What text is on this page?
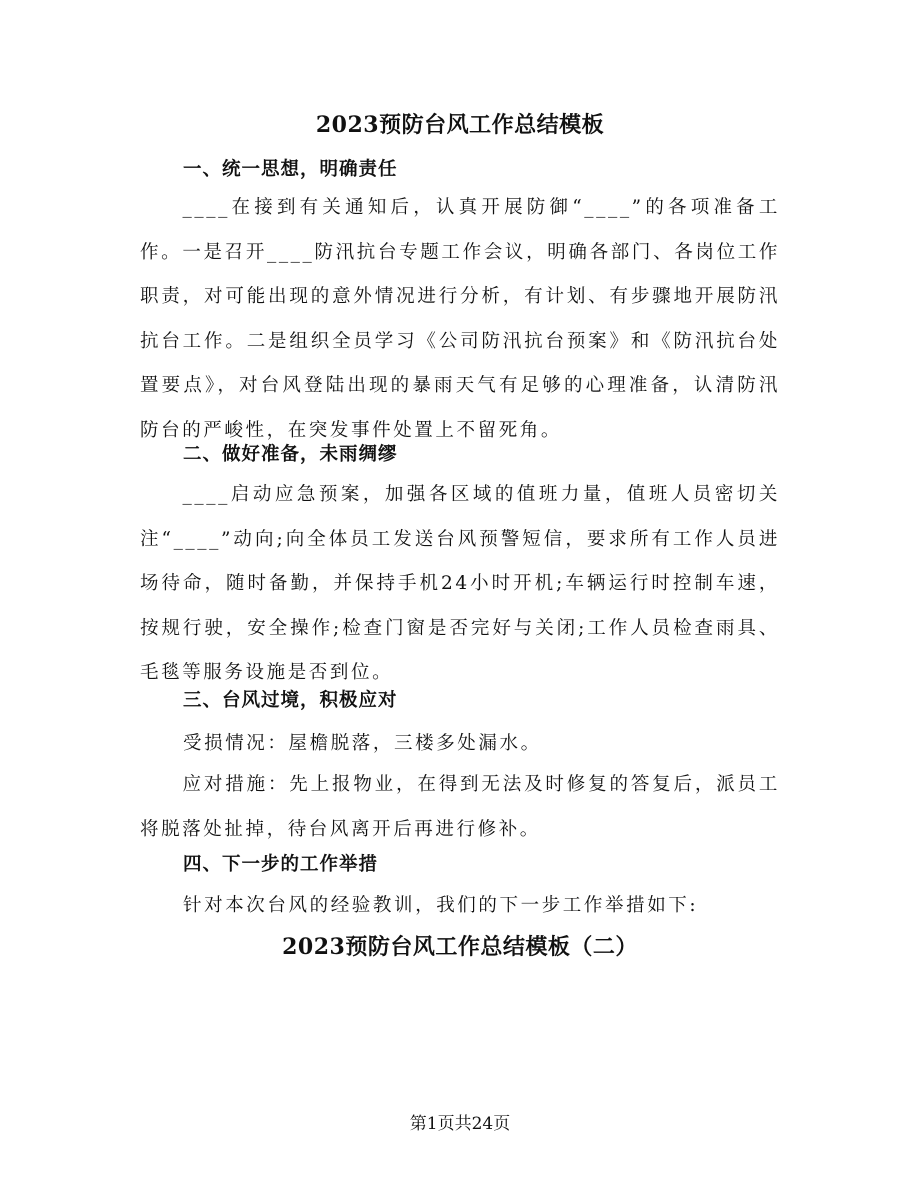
2023预防台风工作总结模板
一、统一思想，明确责任
____在接到有关通知后，认真开展防御“____”的各项准备工作。一是召开____防汛抗台专题工作会议，明确各部门、各岗位工作职责，对可能出现的意外情况进行分析，有计划、有步骤地开展防汛抗台工作。二是组织全员学习《公司防汛抗台预案》和《防汛抗台处置要点》，对台风登陆出现的暴雨天气有足够的心理准备，认清防汛防台的严峻性，在突发事件处置上不留死角。
二、做好准备，未雨绸缪
____启动应急预案，加强各区域的值班力量，值班人员密切关注“____”动向;向全体员工发送台风预警短信，要求所有工作人员进场待命，随时备勤，并保持手机24小时开机;车辆运行时控制车速，按规行驶，安全操作;检查门窗是否完好与关闭;工作人员检查雨具、毛毯等服务设施是否到位。
三、台风过境，积极应对
受损情况：屋檐脱落，三楼多处漏水。
应对措施：先上报物业，在得到无法及时修复的答复后，派员工将脱落处扯掉，待台风离开后再进行修补。
四、下一步的工作举措
针对本次台风的经验教训，我们的下一步工作举措如下:
2023预防台风工作总结模板（二）
第1页共24页
